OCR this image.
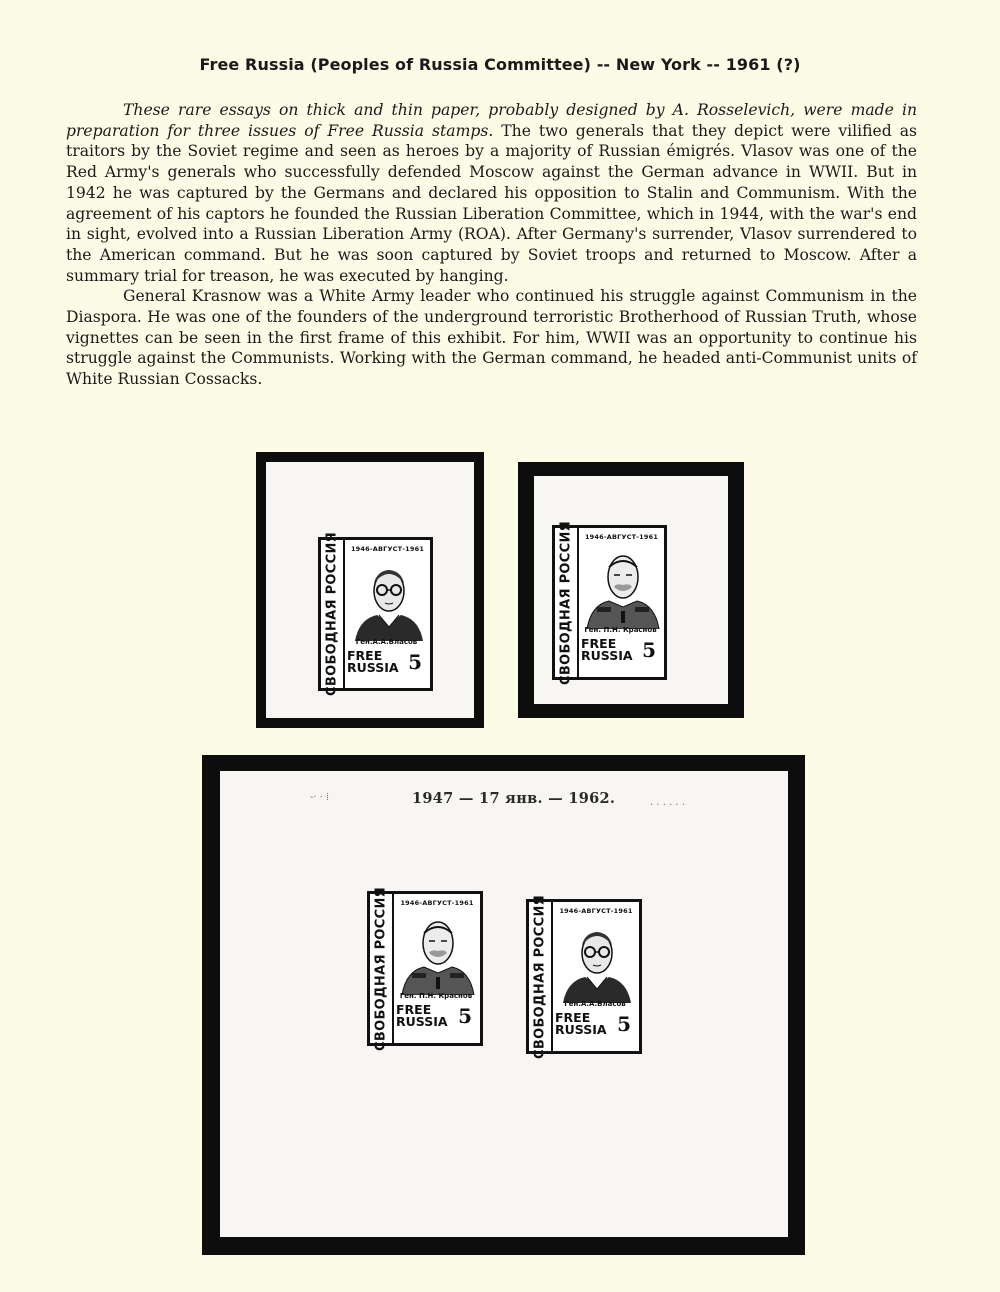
Free Russia (Peoples of Russia Committee) -- New York -- 1961 (?)

These rare essays on thick and thin paper, probably designed by A. Rosselevich, were made in preparation for three issues of Free Russia stamps. The two generals that they depict were vilified as traitors by the Soviet regime and seen as heroes by a majority of Russian émigrés. Vlasov was one of the Red Army's generals who successfully defended Moscow against the German advance in WWII. But in 1942 he was captured by the Germans and declared his opposition to Stalin and Communism. With the agreement of his captors he founded the Russian Liberation Committee, which in 1944, with the war's end in sight, evolved into a Russian Liberation Army (ROA). After Germany's surrender, Vlasov surrendered to the American command. But he was soon captured by Soviet troops and returned to Moscow. After a summary trial for treason, he was executed by hanging.

General Krasnow was a White Army leader who continued his struggle against Communism in the Diaspora. He was one of the founders of the underground terroristic Brotherhood of Russian Truth, whose vignettes can be seen in the first frame of this exhibit. For him, WWII was an opportunity to continue his struggle against the Communists. Working with the German command, he headed anti-Communist units of White Russian Cossacks.

СВОБОДНАЯ РОССИЯ	1946-АВГУСТ-1961
Ген.А.А.Власов
FREE
RUSSIA 5	СВОБОДНАЯ РОССИЯ	1946-АВГУСТ-1961
Ген. П.Н. Краснов
FREE
RUSSIA 5
-· · ⁞
· · · · · ·
1947 — 17 янв. — 1962.
СВОБОДНАЯ РОССИЯ	1946-АВГУСТ-1961
Ген. П.Н. Краснов
FREE
RUSSIA 5	СВОБОДНАЯ РОССИЯ	1946-АВГУСТ-1961
Ген.А.А.Власов
FREE
RUSSIA 5
